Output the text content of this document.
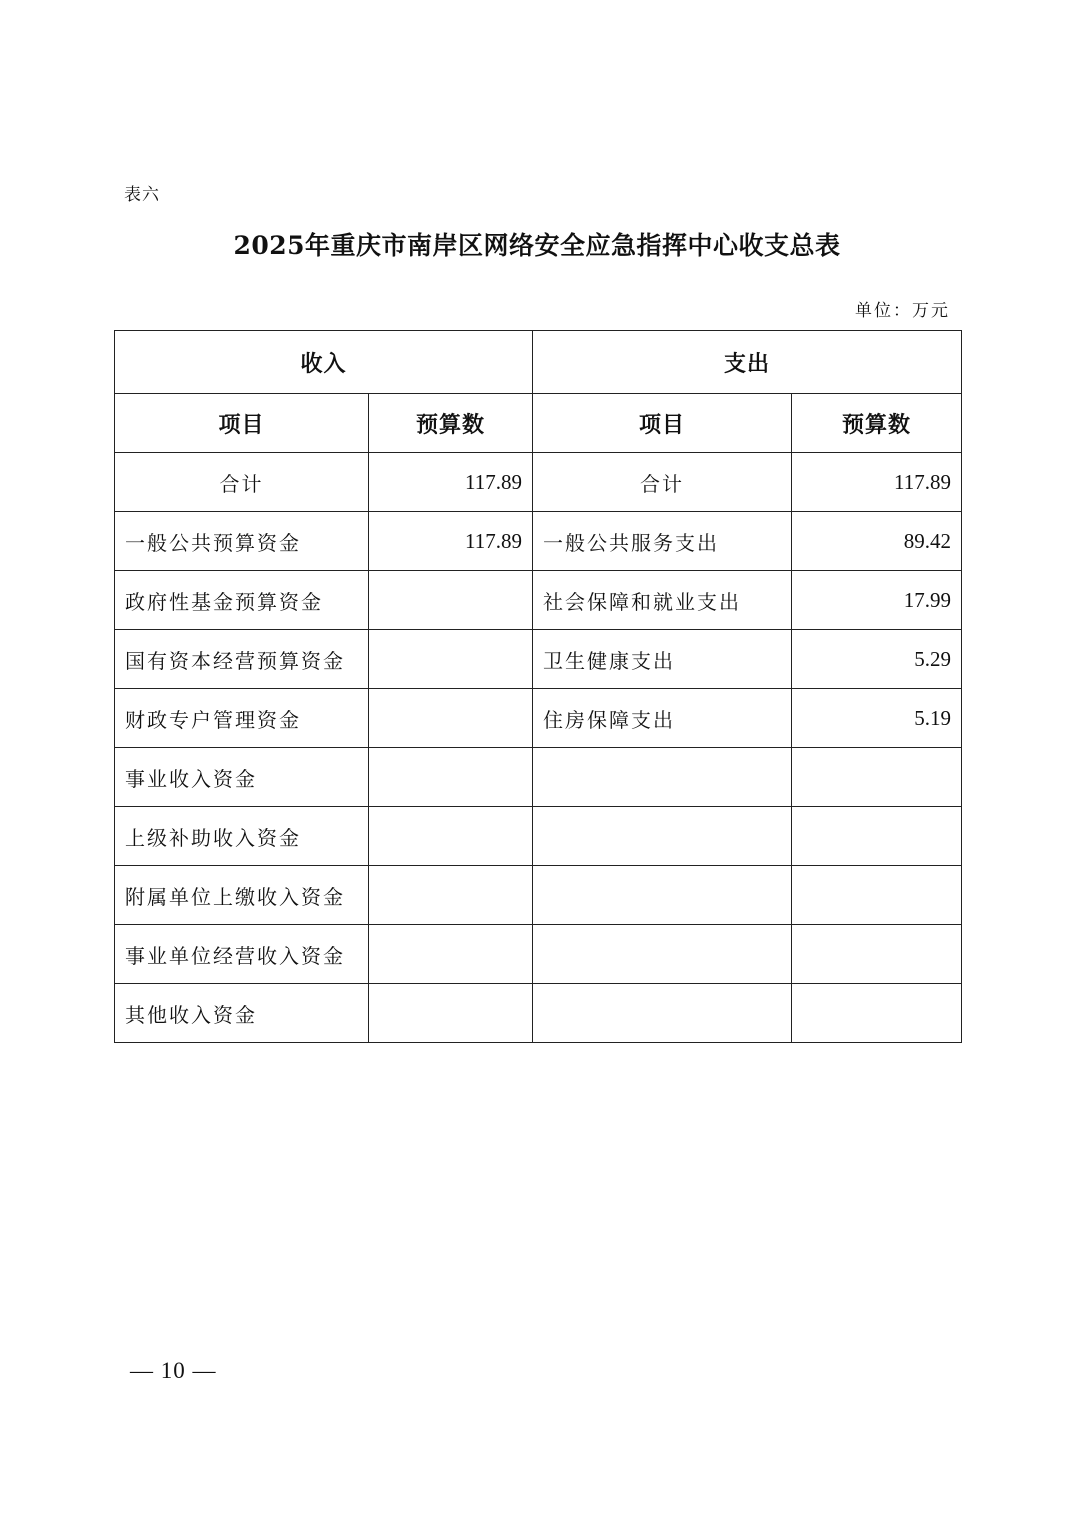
表六
2025年重庆市南岸区网络安全应急指挥中心收支总表
单位：万元
收入		支出	
项目	预算数	项目	预算数
合计	117.89	合计	117.89
一般公共预算资金	117.89	一般公共服务支出	89.42
政府性基金预算资金		社会保障和就业支出	17.99
国有资本经营预算资金		卫生健康支出	5.29
财政专户管理资金		住房保障支出	5.19
事业收入资金			
上级补助收入资金			
附属单位上缴收入资金			
事业单位经营收入资金			
其他收入资金			
— 10 —
